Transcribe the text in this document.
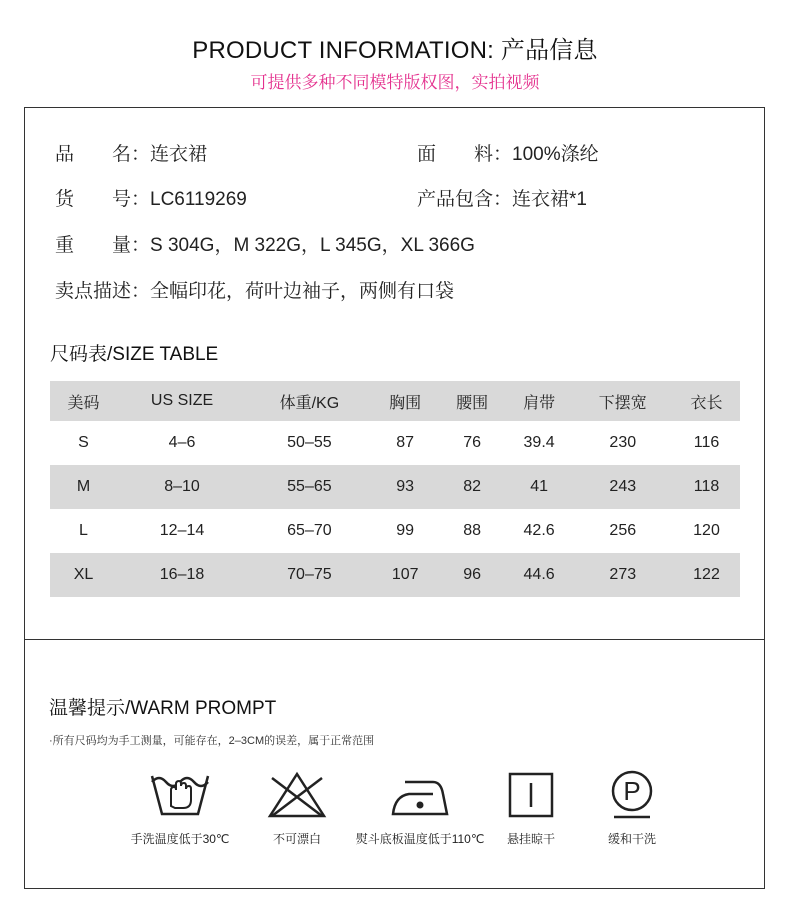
PRODUCT INFORMATION: 产品信息
可提供多种不同模特版权图，实拍视频
品　　名：连衣裙	面　　料：100%涤纶
货　　号：LC6119269	产品包含：连衣裙*1
重　　量：S 304G，M 322G，L 345G，XL 366G
卖点描述：全幅印花，荷叶边袖子，两侧有口袋
尺码表/SIZE TABLE
美码	US SIZE	体重/KG	胸围	腰围	肩带	下摆宽	衣长
S	4–6	50–55	87	76	39.4	230	116
M	8–10	55–65	93	82	41	243	118
L	12–14	65–70	99	88	42.6	256	120
XL	16–18	70–75	107	96	44.6	273	122
温馨提示/WARM PROMPT
·所有尺码均为手工测量，可能存在，2–3CM的误差，属于正常范围
手洗温度低于30℃	不可漂白	熨斗底板温度低于110℃	悬挂晾干
P
缓和干洗
